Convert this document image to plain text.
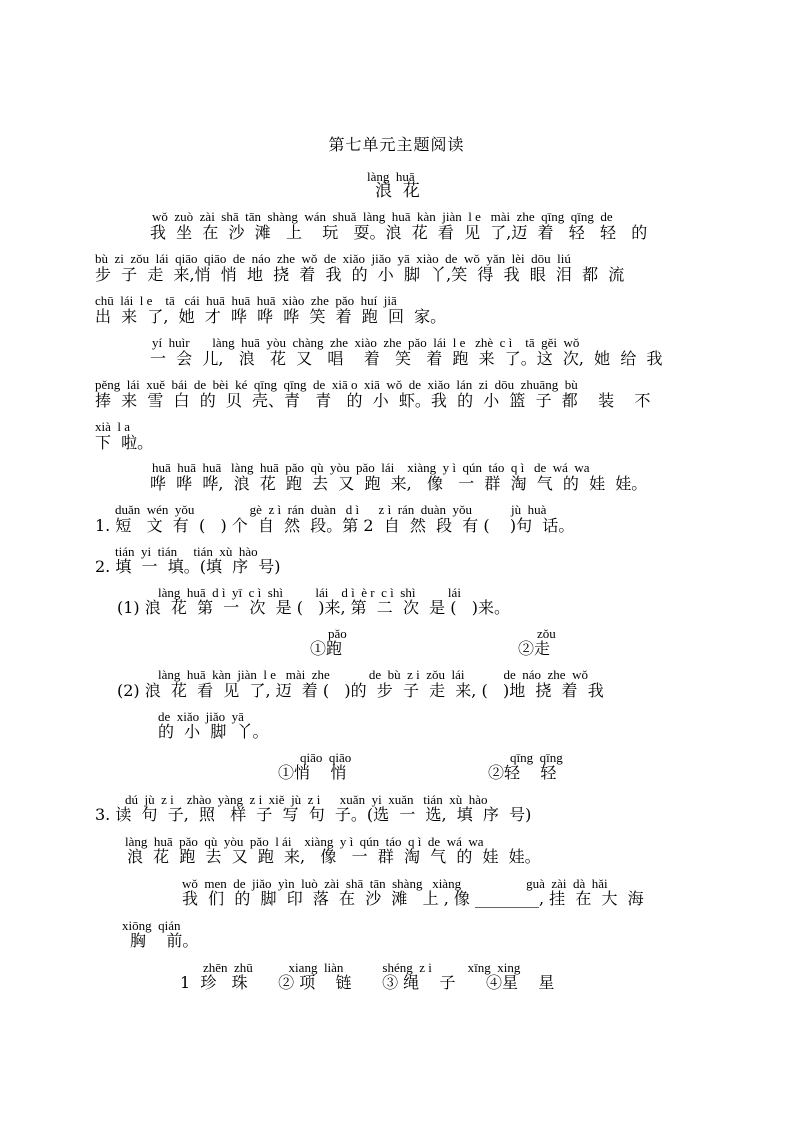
第七单元主题阅读
làng  huā
浪  花
wǒ  zuò  zài  shā  tān  shàng  wán  shuǎ  làng  huā  kàn  jiàn  l e   mài  zhe  qīng  qīng  de
我  坐  在  沙  滩   上    玩   耍。浪  花  看  见  了,迈  着   轻   轻   的
bù  zi  zǒu  lái  qiāo  qiāo  de  náo  zhe  wǒ  de  xiǎo  jiǎo  yā  xiào  de  wǒ  yǎn  lèi  dōu  liú
步  子  走  来,悄  悄  地  挠  着  我  的  小  脚  丫,笑  得  我  眼  泪  都  流
chū  lái  l e    tā   cái  huā  huā  huā  xiào  zhe  pǎo  huí  jiā
出  来  了,  她  才  哗  哗  哗  笑  着  跑  回  家。
yí  huìr       làng  huā  yòu  chàng  zhe  xiào  zhe  pǎo  lái  l e   zhè  c ì    tā  gěi  wǒ
一  会  儿,   浪   花  又   唱    着   笑   着  跑  来  了。这  次,  她  给  我
pěng  lái  xuě  bái  de  bèi  ké  qīng  qīng  de  xiā o  xiā  wǒ  de  xiǎo  lán  zi  dōu  zhuāng  bù
捧  来  雪  白  的  贝  壳、青   青   的  小  虾。我  的  小  篮  子  都    装    不
xià  l a
下  啦。
huā  huā  huā   làng  huā  pǎo  qù  yòu  pǎo  lái    xiàng  y ì  qún  táo  q ì   de  wá  wa
哗  哗  哗,  浪  花  跑  去  又  跑  来,   像   一  群  淘  气  的  娃  娃。
duǎn  wén  yǒu                 gè  z ì  rán  duàn   d ì      z ì  rán  duàn  yǒu            jù  huà
1. 短   文  有  (   ) 个  自  然  段。第 2  自  然  段  有 (    )句  话。
tián  yi  tián     tián  xù  hào
2. 填  一  填。(填  序  号)
làng  huā  d ì  yī  c ì  shì          lái    d ì  è r  c ì  shì          lái
(1) 浪  花  第  一  次  是 (   )来, 第  二  次  是 (   )来。
pǎo
①跑
zǒu
②走
làng  huā  kàn  jiàn  l e   mài  zhe            de  bù  z i  zǒu  lái            de  náo  zhe  wǒ
(2) 浪  花  看  见  了, 迈  着 (   )的  步  子  走  来, (   )地  挠  着  我
de  xiǎo  jiǎo  yā
的  小  脚  丫。
qiāo  qiāo
①悄    悄
qīng  qīng
②轻    轻
dú  jù  z i    zhào  yàng  z i  xiě  jù  z i      xuǎn  yi  xuǎn   tián  xù  hào
3. 读  句  子,  照   样  子  写  句  子。(选  一  选,  填  序  号)
làng  huā  pǎo  qù  yòu  pǎo  l ái    xiàng  y ì  qún  táo  q ì  de  wá  wa
浪  花  跑  去  又  跑  来,   像   一  群  淘  气  的  娃  娃。
wǒ  men  de  jiǎo  yìn  luò  zài  shā  tān  shàng   xiàng                    guà  zài  dà  hǎi
我  们  的  脚  印  落  在  沙  滩   上 , 像 ________, 挂  在  大  海
xiōng  qián
胸    前。
zhēn  zhū           xiang  liàn            shéng  z i           xīng  xing
1  珍   珠      ② 项    链      ③ 绳    子      ④星    星
